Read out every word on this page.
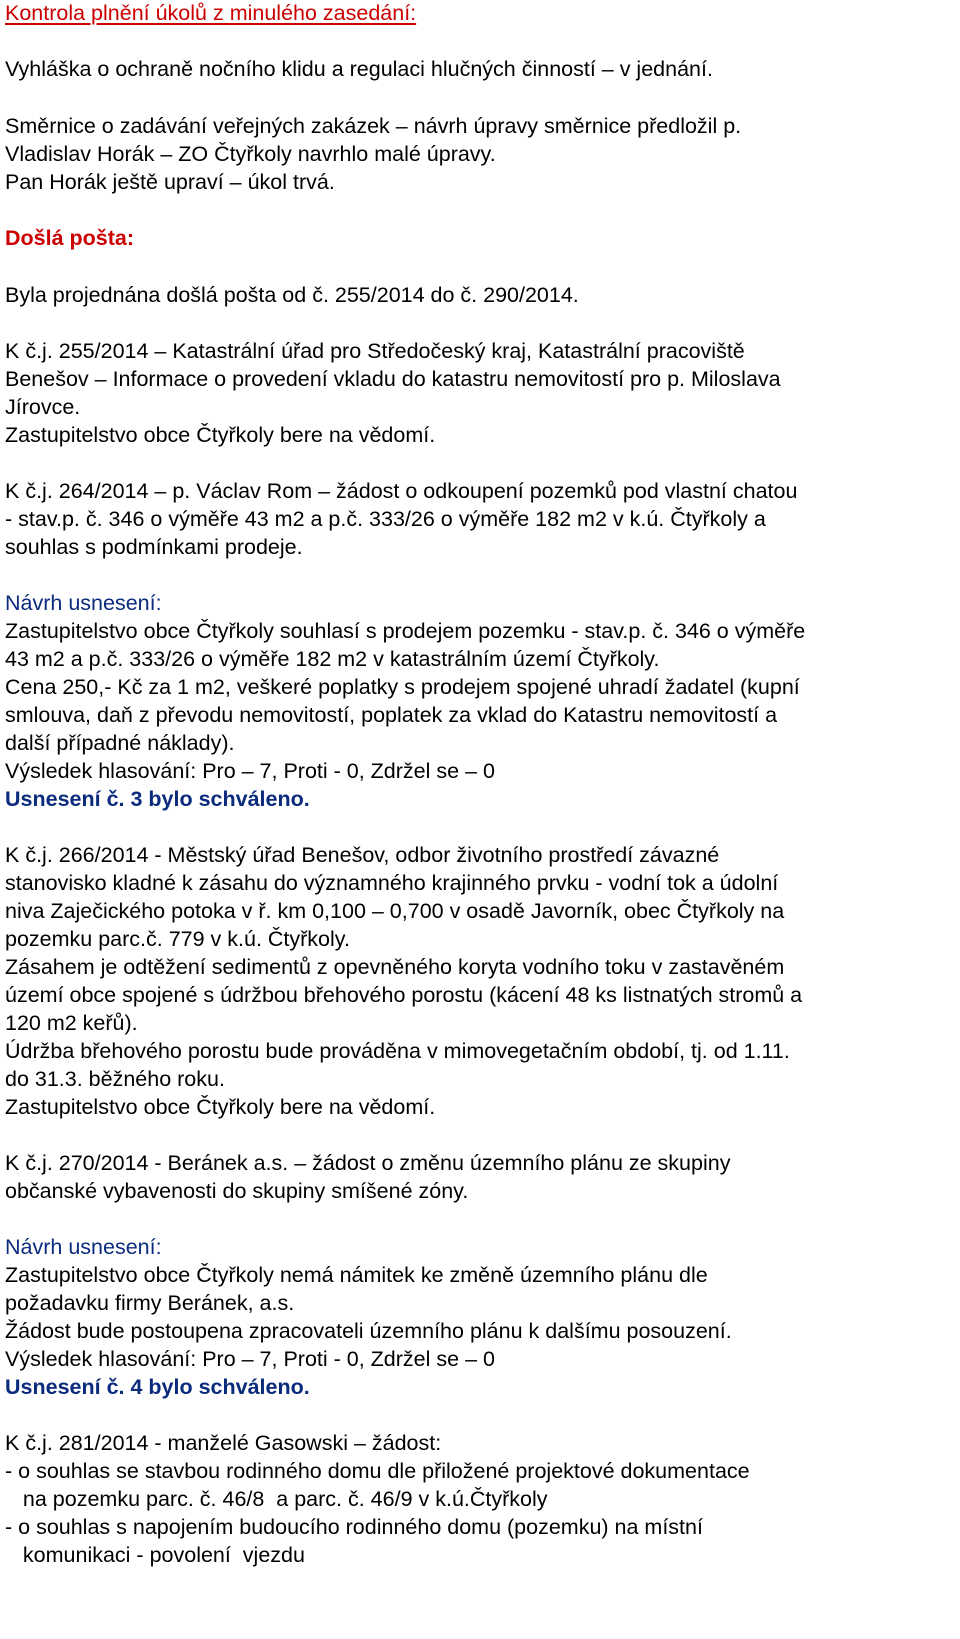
Kontrola plnění úkolů z minulého zasedání:
Vyhláška o ochraně nočního klidu a regulaci hlučných činností – v jednání.
Směrnice o zadávání veřejných zakázek – návrh úpravy směrnice předložil p.
Vladislav Horák – ZO Čtyřkoly navrhlo malé úpravy.
Pan Horák ještě upraví – úkol trvá.
Došlá pošta:
Byla projednána došlá pošta od č. 255/2014 do č. 290/2014.
K č.j. 255/2014 – Katastrální úřad pro Středočeský kraj, Katastrální pracoviště
Benešov – Informace o provedení vkladu do katastru nemovitostí pro p. Miloslava
Jírovce.
Zastupitelstvo obce Čtyřkoly bere na vědomí.
K č.j. 264/2014 – p. Václav Rom – žádost o odkoupení pozemků pod vlastní chatou
- stav.p. č. 346 o výměře 43 m2 a p.č. 333/26 o výměře 182 m2 v k.ú. Čtyřkoly a
souhlas s podmínkami prodeje.
Návrh usnesení:
Zastupitelstvo obce Čtyřkoly souhlasí s prodejem pozemku - stav.p. č. 346 o výměře
43 m2 a p.č. 333/26 o výměře 182 m2 v katastrálním území Čtyřkoly.
Cena 250,- Kč za 1 m2, veškeré poplatky s prodejem spojené uhradí žadatel (kupní
smlouva, daň z převodu nemovitostí, poplatek za vklad do Katastru nemovitostí a
další případné náklady).
Výsledek hlasování: Pro – 7, Proti - 0, Zdržel se – 0
Usnesení č. 3 bylo schváleno.
K č.j. 266/2014 - Městský úřad Benešov, odbor životního prostředí závazné
stanovisko kladné k zásahu do významného krajinného prvku - vodní tok a údolní
niva Zaječického potoka v ř. km 0,100 – 0,700 v osadě Javorník, obec Čtyřkoly na
pozemku parc.č. 779 v k.ú. Čtyřkoly.
Zásahem je odtěžení sedimentů z opevněného koryta vodního toku v zastavěném
území obce spojené s údržbou břehového porostu (kácení 48 ks listnatých stromů a
120 m2 keřů).
Údržba břehového porostu bude prováděna v mimovegetačním období, tj. od 1.11.
do 31.3. běžného roku.
Zastupitelstvo obce Čtyřkoly bere na vědomí.
K č.j. 270/2014 - Beránek a.s. – žádost o změnu územního plánu ze skupiny
občanské vybavenosti do skupiny smíšené zóny.
Návrh usnesení:
Zastupitelstvo obce Čtyřkoly nemá námitek ke změně územního plánu dle
požadavku firmy Beránek, a.s.
Žádost bude postoupena zpracovateli územního plánu k dalšímu posouzení.
Výsledek hlasování: Pro – 7, Proti - 0, Zdržel se – 0
Usnesení č. 4 bylo schváleno.
K č.j. 281/2014 - manželé Gasowski – žádost:
- o souhlas se stavbou rodinného domu dle přiložené projektové dokumentace
na pozemku parc. č. 46/8  a parc. č. 46/9 v k.ú.Čtyřkoly
- o souhlas s napojením budoucího rodinného domu (pozemku) na místní
komunikaci - povolení  vjezdu
